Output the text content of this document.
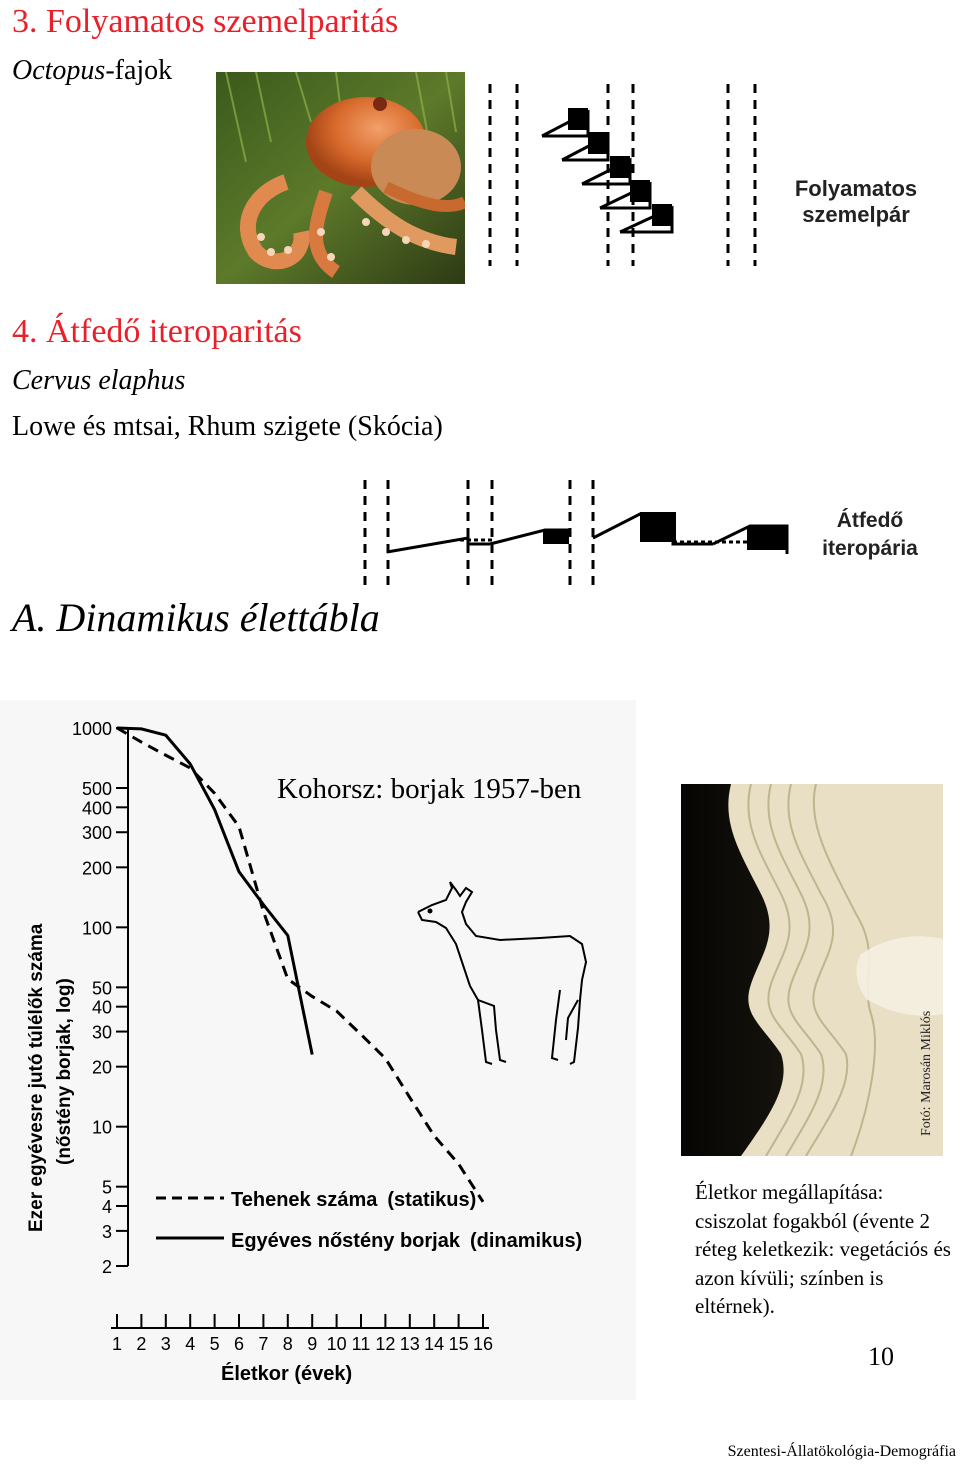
3. Folyamatos szemelparitás
Octopus-fajok
Folyamatos
szemelpár
4. Átfedő iteroparitás
Cervus elaphus
Lowe és mtsai, Rhum szigete (Skócia)
Átfedő
iteropária
A. Dinamikus élettábla
1000
500
400
300
200
100
50
40
30
20
10
5
4
3
2
1 2 3 4 5 6 7 8 9 10 11 12 13 14 15 16
Kohorsz: borjak 1957-ben
Életkor (évek)
Ezer egyévesre jutó túlélők száma (nőstény borjak, log)
Tehenek száma (statikus)
Egyéves nőstény borjak (dinamikus)
Fotó: Marosán Miklós
Életkor megállapítása: csiszolat fogakból (évente 2 réteg keletkezik: vegetációs és azon kívüli; színben is eltérnek).
10
Szentesi-Állatökológia-Demográfia
